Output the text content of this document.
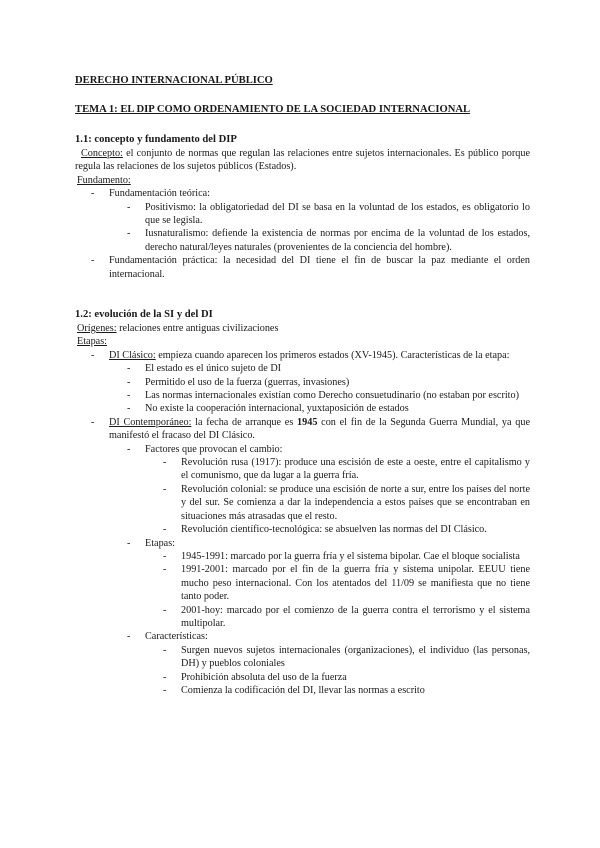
DERECHO INTERNACIONAL PÚBLICO
TEMA 1: EL DIP COMO ORDENAMIENTO DE LA SOCIEDAD INTERNACIONAL
1.1: concepto y fundamento del DIP
Concepto: el conjunto de normas que regulan las relaciones entre sujetos internacionales. Es público porque regula las relaciones de los sujetos públicos (Estados).
Fundamento:
- Fundamentación teórica:
- Positivismo: la obligatoriedad del DI se basa en la voluntad de los estados, es obligatorio lo que se legisla.
- Iusnaturalismo: defiende la existencia de normas por encima de la voluntad de los estados, derecho natural/leyes naturales (provenientes de la conciencia del hombre).
- Fundamentación práctica: la necesidad del DI tiene el fin de buscar la paz mediante el orden internacional.
1.2: evolución de la SI y del DI
Orígenes: relaciones entre antiguas civilizaciones
Etapas:
- DI Clásico: empieza cuando aparecen los primeros estados (XV-1945). Características de la etapa:
- El estado es el único sujeto de DI
- Permitido el uso de la fuerza (guerras, invasiones)
- Las normas internacionales existían como Derecho consuetudinario (no estaban por escrito)
- No existe la cooperación internacional, yuxtaposición de estados
- DI Contemporáneo: la fecha de arranque es 1945 con el fin de la Segunda Guerra Mundial, ya que manifestó el fracaso del DI Clásico.
- Factores que provocan el cambio:
- Revolución rusa (1917): produce una escisión de este a oeste, entre el capitalismo y el comunismo, que da lugar a la guerra fría.
- Revolución colonial: se produce una escisión de norte a sur, entre los países del norte y del sur. Se comienza a dar la independencia a estos países que se encontraban en situaciones más atrasadas que el resto.
- Revolución científico-tecnológica: se absuelven las normas del DI Clásico.
- Etapas:
- 1945-1991: marcado por la guerra fría y el sistema bipolar. Cae el bloque socialista
- 1991-2001: marcado por el fin de la guerra fría y sistema unipolar. EEUU tiene mucho peso internacional. Con los atentados del 11/09 se manifiesta que no tiene tanto poder.
- 2001-hoy: marcado por el comienzo de la guerra contra el terrorismo y el sistema multipolar.
- Características:
- Surgen nuevos sujetos internacionales (organizaciones), el individuo (las personas, DH) y pueblos coloniales
- Prohibición absoluta del uso de la fuerza
- Comienza la codificación del DI, llevar las normas a escrito
